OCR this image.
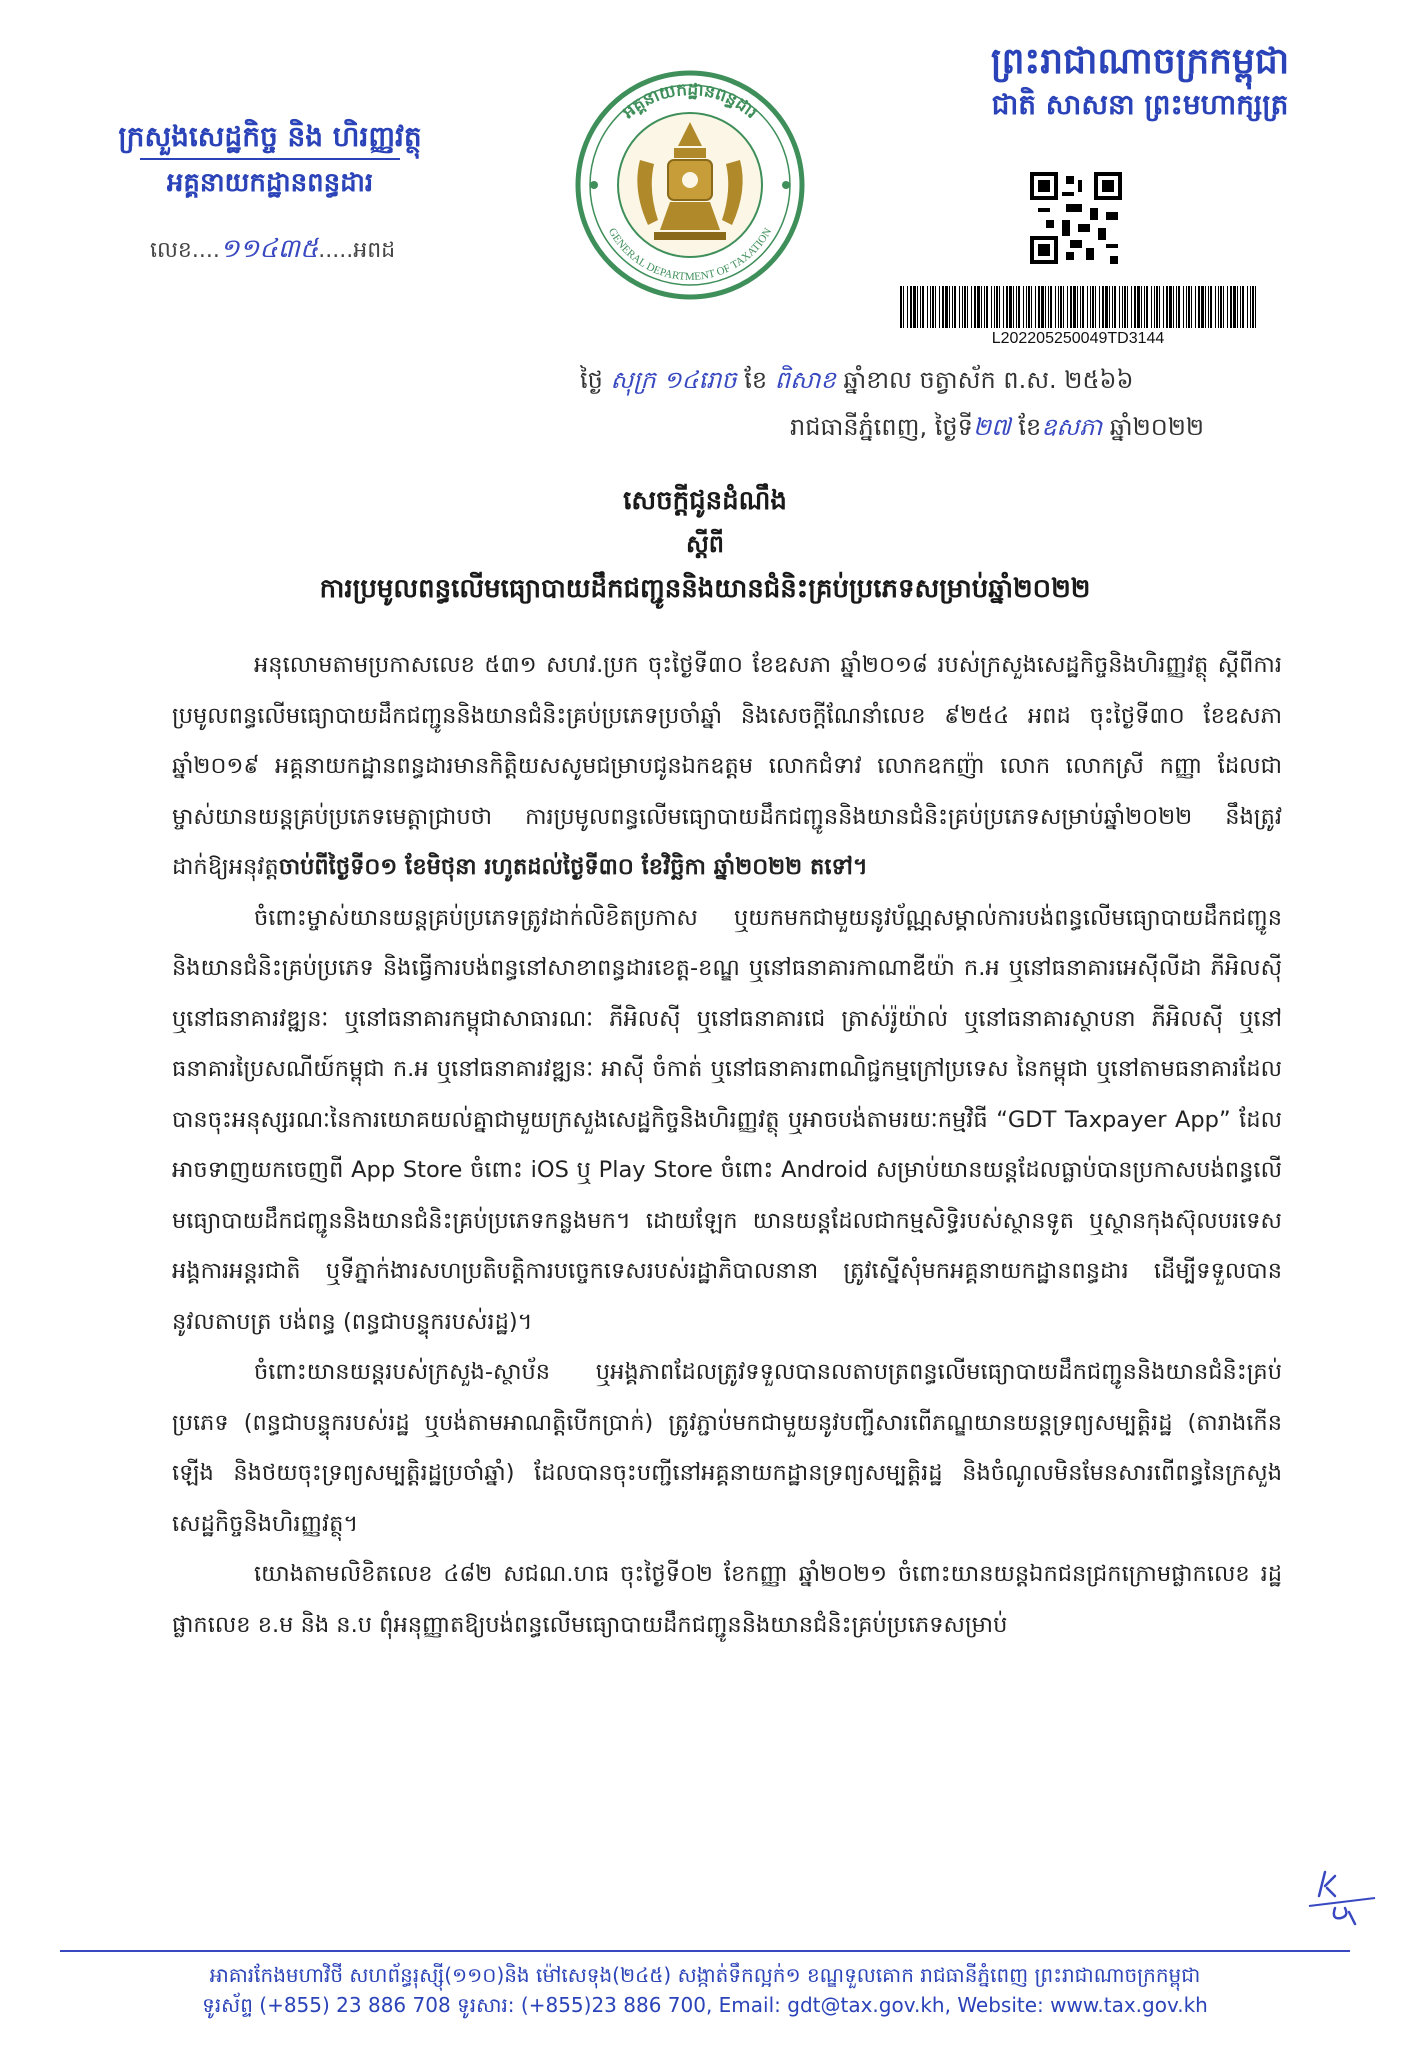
ក្រសួងសេដ្ឋកិច្ច និង ហិរញ្ញវត្ថុ
អគ្គនាយកដ្ឋានពន្ធដារ
លេខ....១១៤៣៥.....អពដ
អគ្គនាយកដ្ឋានពន្ធដារ
GENERAL DEPARTMENT OF TAXATION
ព្រះរាជាណាចក្រកម្ពុជា
ជាតិ សាសនា ព្រះមហាក្សត្រ
L202205250049TD3144
ថ្ងៃ សុក្រ ១៤រោច ខែ ពិសាខ ឆ្នាំខាល ចត្វាស័ក ព.ស. ២៥៦៦
រាជធានីភ្នំពេញ, ថ្ងៃទី២៧ ខែឧសភា ឆ្នាំ២០២២
សេចក្តីជូនដំណឹង
ស្តីពី
ការប្រមូលពន្ធលើមធ្យោបាយដឹកជញ្ជូននិងយានជំនិះគ្រប់ប្រភេទសម្រាប់ឆ្នាំ២០២២

អនុលោមតាមប្រកាសលេខ ៥៣១ សហវ.ប្រក ចុះថ្ងៃទី៣០ ខែឧសភា ឆ្នាំ២០១៨ របស់ក្រសួងសេដ្ឋកិច្ចនិងហិរញ្ញវត្ថុ ស្តីពីការប្រមូលពន្ធលើមធ្យោបាយដឹកជញ្ជូននិងយានជំនិះគ្រប់ប្រភេទប្រចាំឆ្នាំ និងសេចក្តីណែនាំលេខ ៩២៥៤ អពដ ចុះថ្ងៃទី៣០ ខែឧសភា ឆ្នាំ២០១៩ អគ្គនាយកដ្ឋានពន្ធដារមានកិត្តិយសសូមជម្រាបជូនឯកឧត្តម លោកជំទាវ លោកឧកញ៉ា លោក លោកស្រី កញ្ញា ដែលជាម្ចាស់យានយន្តគ្រប់ប្រភេទមេត្តាជ្រាបថា ការប្រមូលពន្ធលើមធ្យោបាយដឹកជញ្ជូននិងយានជំនិះគ្រប់ប្រភេទសម្រាប់ឆ្នាំ២០២២ នឹងត្រូវដាក់ឱ្យអនុវត្តចាប់ពីថ្ងៃទី០១ ខែមិថុនា រហូតដល់ថ្ងៃទី៣០ ខែវិច្ឆិកា ឆ្នាំ២០២២ តទៅ។

ចំពោះម្ចាស់យានយន្តគ្រប់ប្រភេទត្រូវដាក់លិខិតប្រកាស ឬយកមកជាមួយនូវប័ណ្ណសម្គាល់ការបង់ពន្ធលើមធ្យោបាយដឹកជញ្ជូននិងយានជំនិះគ្រប់ប្រភេទ និងធ្វើការបង់ពន្ធនៅសាខាពន្ធដារខេត្ត-ខណ្ឌ ឬនៅធនាគារកាណាឌីយ៉ា ក.អ ឬនៅធនាគារអេស៊ីលីដា ភីអិលស៊ី ឬនៅធនាគារវឌ្ឍនៈ ឬនៅធនាគារកម្ពុជាសាធារណៈ ភីអិលស៊ី ឬនៅធនាគារជេ ត្រាស់រ៉ូយ៉ាល់ ឬនៅធនាគារស្ថាបនា ភីអិលស៊ី ឬនៅធនាគារប្រៃសណីយ៍កម្ពុជា ក.អ ឬនៅធនាគារវឌ្ឍនៈ អាស៊ី ចំកាត់ ឬនៅធនាគារពាណិជ្ជកម្មក្រៅប្រទេស នៃកម្ពុជា ឬនៅតាមធនាគារដែលបានចុះអនុស្សរណៈនៃការយោគយល់គ្នាជាមួយក្រសួងសេដ្ឋកិច្ចនិងហិរញ្ញវត្ថុ ឬអាចបង់តាមរយៈកម្មវិធី “GDT Taxpayer App” ដែលអាចទាញយកចេញពី App Store ចំពោះ iOS ឬ Play Store ចំពោះ Android សម្រាប់យានយន្តដែលធ្លាប់បានប្រកាសបង់ពន្ធលើមធ្យោបាយដឹកជញ្ជូននិងយានជំនិះគ្រប់ប្រភេទកន្លងមក។ ដោយឡែក យានយន្តដែលជាកម្មសិទ្ធិរបស់ស្ថានទូត ឬស្ថានកុងស៊ុលបរទេស អង្គការអន្តរជាតិ ឬទីភ្នាក់ងារសហប្រតិបត្តិការបច្ចេកទេសរបស់រដ្ឋាភិបាលនានា ត្រូវស្នើសុំមកអគ្គនាយកដ្ឋានពន្ធដារ ដើម្បីទទួលបាននូវលតាបត្រ បង់ពន្ធ (ពន្ធជាបន្ទុករបស់រដ្ឋ)។

ចំពោះយានយន្តរបស់ក្រសួង-ស្ថាប័ន ឬអង្គភាពដែលត្រូវទទួលបានលតាបត្រពន្ធលើមធ្យោបាយដឹកជញ្ជូននិងយានជំនិះគ្រប់ប្រភេទ (ពន្ធជាបន្ទុករបស់រដ្ឋ ឬបង់តាមអាណត្តិបើកប្រាក់) ត្រូវភ្ជាប់មកជាមួយនូវបញ្ជីសារពើភណ្ឌយានយន្តទ្រព្យសម្បត្តិរដ្ឋ (តារាងកើនឡើង និងថយចុះទ្រព្យសម្បត្តិរដ្ឋប្រចាំឆ្នាំ) ដែលបានចុះបញ្ជីនៅអគ្គនាយកដ្ឋានទ្រព្យសម្បត្តិរដ្ឋ និងចំណូលមិនមែនសារពើពន្ធនៃក្រសួងសេដ្ឋកិច្ចនិងហិរញ្ញវត្ថុ។

យោងតាមលិខិតលេខ ៤៨២ សជណ.ហធ ចុះថ្ងៃទី០២ ខែកញ្ញា ឆ្នាំ២០២១ ចំពោះយានយន្តឯកជនជ្រកក្រោមផ្លាកលេខ រដ្ឋ ផ្លាកលេខ ខ.ម និង ន.ប ពុំអនុញ្ញាតឱ្យបង់ពន្ធលើមធ្យោបាយដឹកជញ្ជូននិងយានជំនិះគ្រប់ប្រភេទសម្រាប់

អាគារកែងមហាវិថី សហព័ន្ធរុស្ស៊ី(១១០)និង ម៉ៅសេទុង(២៤៥) សង្កាត់ទឹកល្អក់១ ខណ្ឌទួលគោក រាជធានីភ្នំពេញ ព្រះរាជាណាចក្រកម្ពុជា
ទូរស័ព្ទ (+855) 23 886 708 ទូរសារ: (+855)23 886 700, Email: gdt@tax.gov.kh, Website: www.tax.gov.kh
